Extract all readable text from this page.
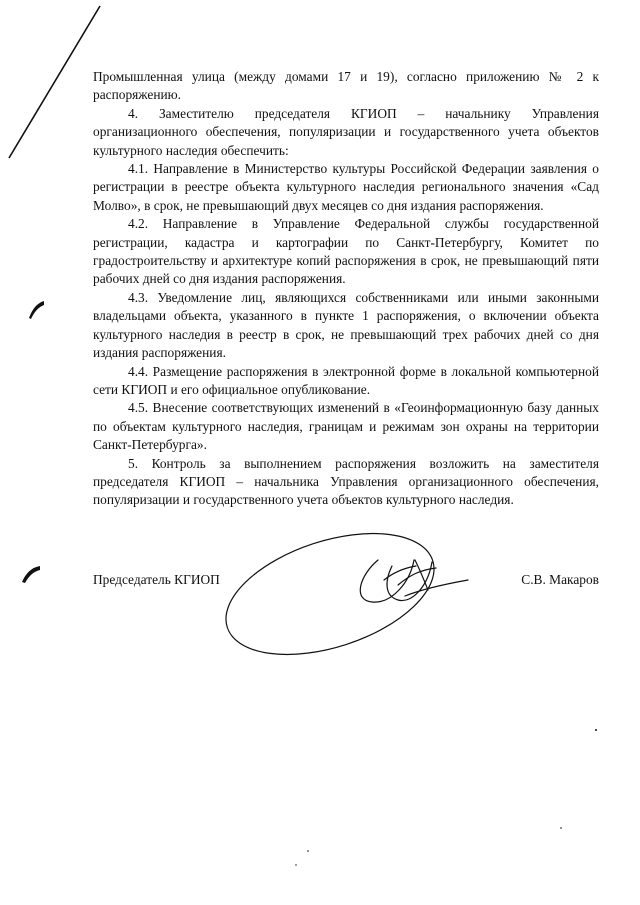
Промышленная улица (между домами 17 и 19), согласно приложению № 2 к распоряжению.

4. Заместителю председателя КГИОП – начальнику Управления организационного обеспечения, популяризации и государственного учета объектов культурного наследия обеспечить:

4.1. Направление в Министерство культуры Российской Федерации заявления о регистрации в реестре объекта культурного наследия регионального значения «Сад Молво», в срок, не превышающий двух месяцев со дня издания распоряжения.

4.2. Направление в Управление Федеральной службы государственной регистрации, кадастра и картографии по Санкт-Петербургу, Комитет по градостроительству и архитектуре копий распоряжения в срок, не превышающий пяти рабочих дней со дня издания распоряжения.

4.3. Уведомление лиц, являющихся собственниками или иными законными владельцами объекта, указанного в пункте 1 распоряжения, о включении объекта культурного наследия в реестр в срок, не превышающий трех рабочих дней со дня издания распоряжения.

4.4. Размещение распоряжения в электронной форме в локальной компьютерной сети КГИОП и его официальное опубликование.

4.5. Внесение соответствующих изменений в «Геоинформационную базу данных по объектам культурного наследия, границам и режимам зон охраны на территории Санкт-Петербурга».

5. Контроль за выполнением распоряжения возложить на заместителя председателя КГИОП – начальника Управления организационного обеспечения, популяризации и государственного учета объектов культурного наследия.

Председатель КГИОП	С.В. Макаров
